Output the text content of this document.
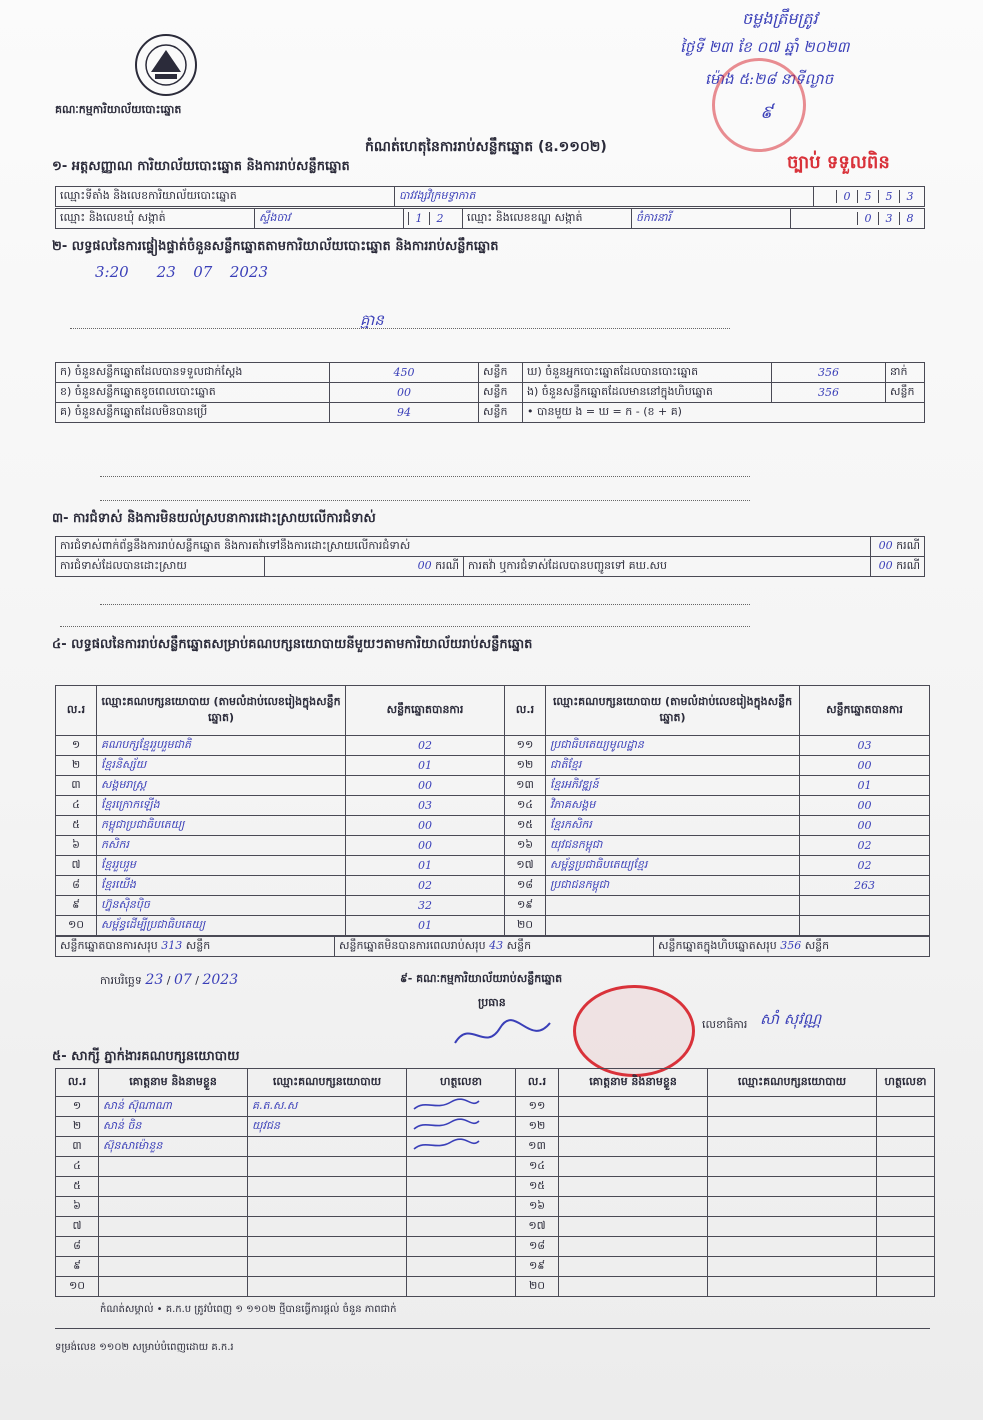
គណៈកម្មការិយាល័យបោះឆ្នោត
ចម្លងត្រឹមត្រូវ
ថ្ងៃទី ២៣ ខែ ០៧ ឆ្នាំ ២០២៣
ម៉ោង ៥:២៨ នាទីល្ងាច
៩
ច្បាប់ ទទួលពិន
កំណត់ហេតុនៃការរាប់សន្លឹកឆ្នោត (ឧ.១១០២)
១- អត្តសញ្ញាណ ការិយាល័យបោះឆ្នោត និងការរាប់សន្លឹកឆ្នោត
ឈ្មោះទីតាំង និងលេខការិយាល័យបោះឆ្នោត	បាវវង្សវិក្រមទ្វាកាត	0 5 5 3
ឈ្មោះ និងលេខឃុំ សង្កាត់	ស្ទឹងចាវ	1 2	ឈ្មោះ និងលេខខណ្ឌ សង្កាត់	ចំការនារី	0 3 8
២- លទ្ធផលនៃការផ្ទៀងផ្ទាត់ចំនួនសន្លឹកឆ្នោតតាមការិយាល័យបោះឆ្នោត និងការរាប់សន្លឹកឆ្នោត
3:20 23 07 2023
គ្មាន
ក) ចំនួនសន្លឹកឆ្នោតដែលបានទទួលជាក់ស្តែង	450	សន្លឹក	ឃ) ចំនួនអ្នកបោះឆ្នោតដែលបានបោះឆ្នោត	356	នាក់
ខ) ចំនួនសន្លឹកឆ្នោតខូចពេលបោះឆ្នោត	00	សន្លឹក	ង) ចំនួនសន្លឹកឆ្នោតដែលមាននៅក្នុងហិបឆ្នោត	356	សន្លឹក
គ) ចំនួនសន្លឹកឆ្នោតដែលមិនបានប្រើ	94	សន្លឹក	• បានមួយ ង = ឃ = ក - (ខ + គ)		
៣- ការជំទាស់ និងការមិនយល់ស្របនាការដោះស្រាយលើការជំទាស់
ការជំទាស់ពាក់ព័ន្ធនឹងការរាប់សន្លឹកឆ្នោត និងការតវ៉ាទៅនឹងការដោះស្រាយលើការជំទាស់			00 ករណី
ការជំទាស់ដែលបានដោះស្រាយ	00 ករណី	ការតវ៉ា ឬការជំទាស់ដែលបានបញ្ជូនទៅ គឃ.សប	00 ករណី
៤- លទ្ធផលនៃការរាប់សន្លឹកឆ្នោតសម្រាប់គណបក្សនយោបាយនីមួយៗតាមការិយាល័យរាប់សន្លឹកឆ្នោត
ល.រ	ឈ្មោះគណបក្សនយោបាយ (តាមលំដាប់លេខរៀងក្នុងសន្លឹកឆ្នោត)	សន្លឹកឆ្នោតបានការ	ល.រ	ឈ្មោះគណបក្សនយោបាយ (តាមលំដាប់លេខរៀងក្នុងសន្លឹកឆ្នោត)	សន្លឹកឆ្នោតបានការ
១	គណបក្សខ្មែររួបរួមជាតិ	02	១១	ប្រជាធិបតេយ្យមូលដ្ឋាន	03
២	ខ្មែរនិស្ស័យ	01	១២	ជាតិខ្មែរ	00
៣	សង្គមរាស្ត្រ	00	១៣	ខ្មែរអភិវឌ្ឍន៍	01
៤	ខ្មែរក្រោកឡើង	03	១៤	វិភាគសង្គម	00
៥	កម្ពុជាប្រជាធិបតេយ្យ	00	១៥	ខ្មែរកសិករ	00
៦	កសិករ	00	១៦	យុវជនកម្ពុជា	02
៧	ខ្មែររួបរួម	01	១៧	សម្ព័ន្ធប្រជាធិបតេយ្យខ្មែរ	02
៨	ខ្មែរយើង	02	១៨	ប្រជាជនកម្ពុជា	263
៩	ហ្វ៊ុនស៊ិនប៉ិច	32	១៩		
១០	សម្ព័ន្ធដើម្បីប្រជាធិបតេយ្យ	01	២០		
សន្លឹកឆ្នោតបានការសរុប 313 សន្លឹក	សន្លឹកឆ្នោតមិនបានការពេលរាប់សរុប 43 សន្លឹក	សន្លឹកឆ្នោតក្នុងហិបឆ្នោតសរុប 356 សន្លឹក
ការបរិច្ឆេទ 23 / 07 / 2023	៩- គណៈកម្មការិយាល័យរាប់សន្លឹកឆ្នោត
ប្រធាន
លេខាធិការ សាំ សុវណ្ណ
៥- សាក្សី ភ្នាក់ងារគណបក្សនយោបាយ
ល.រ	គោត្តនាម និងនាមខ្លួន	ឈ្មោះគណបក្សនយោបាយ	ហត្ថលេខា	ល.រ	គោត្តនាម និងនាមខ្លួន	ឈ្មោះគណបក្សនយោបាយ	ហត្ថលេខា
១	សាន់ ស៊ុណាណា	គ.ត.ស.ស		១១			
២	សាន់ ចិន	យុវជន		១២			
៣	ស៊ុនសាម៉ោនួន			១៣			
៤				១៤			
៥				១៥			
៦				១៦			
៧				១៧			
៨				១៨			
៩				១៩			
១០				២០			
កំណត់សម្គាល់ • គ.ក.ប ត្រូវបំពេញ ១ ១១០២ ថ្មីបានធ្វើការផ្តល់ ចំនួន ភាពជាក់
ទម្រង់លេខ ១១០២ សម្រាប់បំពេញដោយ គ.ក.រ
